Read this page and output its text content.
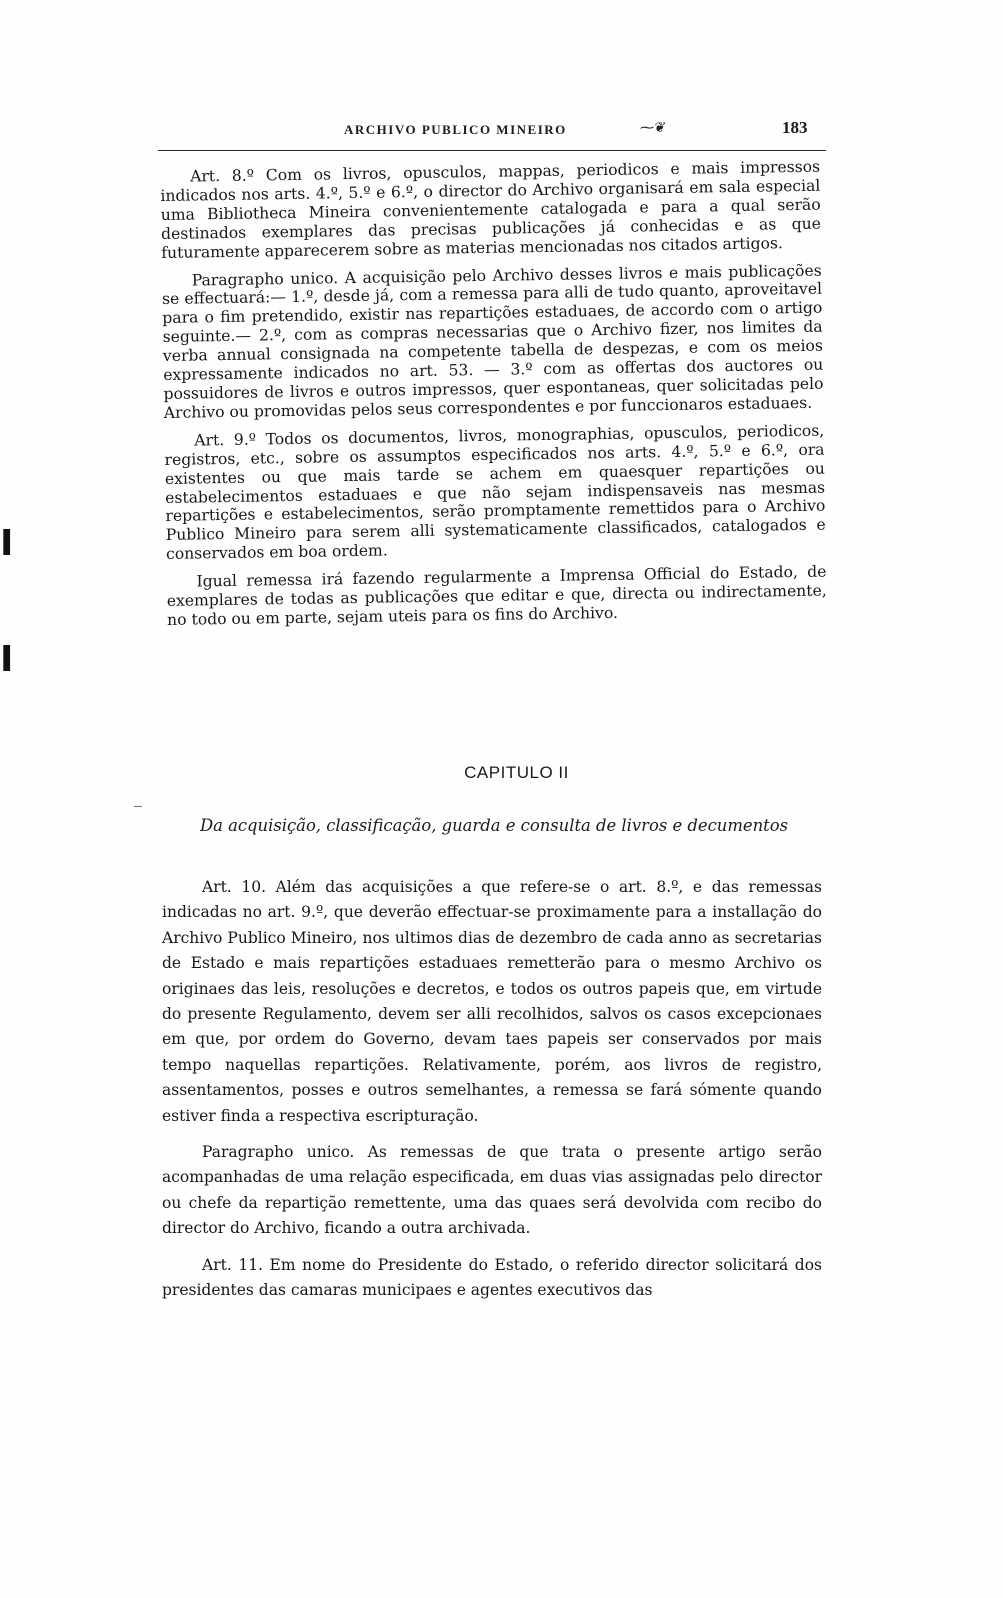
ARCHIVO PUBLICO MINEIRO	⁓❦	183
I
I

Art. 8.º Com os livros, opusculos, mappas, periodicos e mais impressos indicados nos arts. 4.º, 5.º e 6.º, o director do Archivo organisará em sala especial uma Bibliotheca Mineira convenientemente catalogada e para a qual serão destinados exemplares das precisas publicações já conhecidas e as que futuramente apparecerem sobre as materias mencionadas nos citados artigos.

Paragrapho unico. A acquisição pelo Archivo desses livros e mais publicações se effectuará:— 1.º, desde já, com a remessa para alli de tudo quanto, aproveitavel para o fim pretendido, existir nas repartições estaduaes, de accordo com o artigo seguinte.— 2.º, com as compras necessarias que o Archivo fizer, nos limites da verba annual consignada na competente tabella de despezas, e com os meios expressamente indicados no art. 53. — 3.º com as offertas dos auctores ou possuidores de livros e outros impressos, quer espontaneas, quer solicitadas pelo Archivo ou promovidas pelos seus correspondentes e por funccionaros estaduaes.

Art. 9.º Todos os documentos, livros, monographias, opusculos, periodicos, registros, etc., sobre os assumptos especificados nos arts. 4.º, 5.º e 6.º, ora existentes ou que mais tarde se achem em quaesquer repartições ou estabelecimentos estaduaes e que não sejam indispensaveis nas mesmas repartições e estabelecimentos, serão promptamente remettidos para o Archivo Publico Mineiro para serem alli systematicamente classificados, catalogados e conservados em boa ordem.

Igual remessa irá fazendo regularmente a Imprensa Official do Estado, de exemplares de todas as publicações que editar e que, directa ou indirectamente, no todo ou em parte, sejam uteis para os fins do Archivo.

CAPITULO II
Da acquisição, classificação, guarda e consulta de livros e decumentos

Art. 10. Além das acquisições a que refere-se o art. 8.º, e das remessas indicadas no art. 9.º, que deverão effectuar-se proximamente para a installação do Archivo Publico Mineiro, nos ultimos dias de dezembro de cada anno as secretarias de Estado e mais repartições estaduaes remetterão para o mesmo Archivo os originaes das leis, resoluções e decretos, e todos os outros papeis que, em virtude do presente Regulamento, devem ser alli recolhidos, salvos os casos excepcionaes em que, por ordem do Governo, devam taes papeis ser conservados por mais tempo naquellas repartições. Relativamente, porém, aos livros de registro, assentamentos, posses e outros semelhantes, a remessa se fará sómente quando estiver finda a respectiva escripturação.

Paragrapho unico. As remessas de que trata o presente artigo serão acompanhadas de uma relação especificada, em duas vias assignadas pelo director ou chefe da repartição remettente, uma das quaes será devolvida com recibo do director do Archivo, ficando a outra archivada.

Art. 11. Em nome do Presidente do Estado, o referido director solicitará dos presidentes das camaras municipaes e agentes executivos das
